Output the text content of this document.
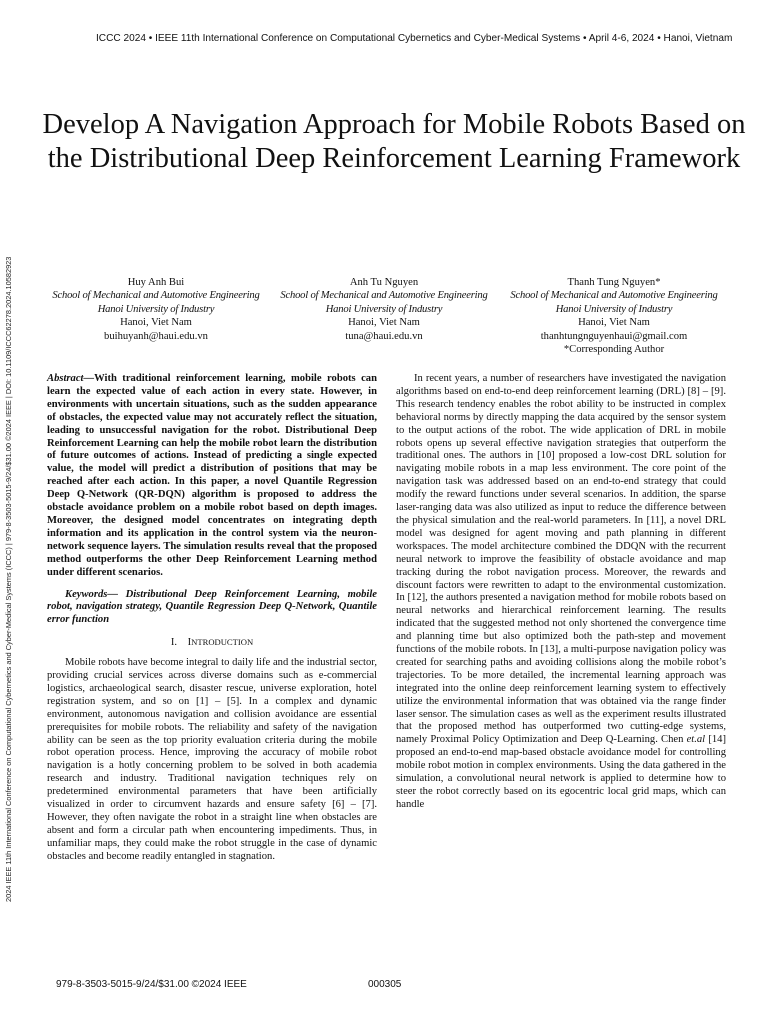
ICCC 2024 • IEEE 11th International Conference on Computational Cybernetics and Cyber-Medical Systems • April 4-6, 2024 • Hanoi, Vietnam
2024 IEEE 11th International Conference on Computational Cybernetics and Cyber-Medical Systems (ICCC) | 979-8-3503-5015-9/24/$31.00 ©2024 IEEE | DOI: 10.1109/ICCC62278.2024.10582923
Develop A Navigation Approach for Mobile Robots Based on the Distributional Deep Reinforcement Learning Framework
Huy Anh Bui
School of Mechanical and Automotive Engineering
Hanoi University of Industry
Hanoi, Viet Nam
buihuyanh@haui.edu.vn
Anh Tu Nguyen
School of Mechanical and Automotive Engineering
Hanoi University of Industry
Hanoi, Viet Nam
tuna@haui.edu.vn
Thanh Tung Nguyen*
School of Mechanical and Automotive Engineering
Hanoi University of Industry
Hanoi, Viet Nam
thanhtungnguyenhaui@gmail.com
*Corresponding Author

Abstract—With traditional reinforcement learning, mobile robots can learn the expected value of each action in every state. However, in environments with uncertain situations, such as the sudden appearance of obstacles, the expected value may not accurately reflect the situation, leading to unsuccessful navigation for the robot. Distributional Deep Reinforcement Learning can help the mobile robot learn the distribution of future outcomes of actions. Instead of predicting a single expected value, the model will predict a distribution of positions that may be reached after each action. In this paper, a novel Quantile Regression Deep Q-Network (QR-DQN) algorithm is proposed to address the obstacle avoidance problem on a mobile robot based on depth images. Moreover, the designed model concentrates on integrating depth information and its application in the control system via the neuron-network sequence layers. The simulation results reveal that the proposed method outperforms the other Deep Reinforcement Learning method under different scenarios.

Keywords— Distributional Deep Reinforcement Learning, mobile robot, navigation strategy, Quantile Regression Deep Q-Network, Quantile error function

I. INTRODUCTION

Mobile robots have become integral to daily life and the industrial sector, providing crucial services across diverse domains such as e-commercial logistics, archaeological search, disaster rescue, universe exploration, hotel registration system, and so on [1] – [5]. In a complex and dynamic environment, autonomous navigation and collision avoidance are essential prerequisites for mobile robots. The reliability and safety of the navigation ability can be seen as the top priority evaluation criteria during the mobile robot operation process. Hence, improving the accuracy of mobile robot navigation is a hotly concerning problem to be solved in both academia research and industry. Traditional navigation techniques rely on predetermined environmental parameters that have been artificially visualized in order to circumvent hazards and ensure safety [6] – [7]. However, they often navigate the robot in a straight line when obstacles are absent and form a circular path when encountering impediments. Thus, in unfamiliar maps, they could make the robot struggle in the case of dynamic obstacles and become readily entangled in stagnation.

In recent years, a number of researchers have investigated the navigation algorithms based on end-to-end deep reinforcement learning (DRL) [8] – [9]. This research tendency enables the robot ability to be instructed in complex behavioral norms by directly mapping the data acquired by the sensor system to the output actions of the robot. The wide application of DRL in mobile robots opens up several effective navigation strategies that outperform the traditional ones. The authors in [10] proposed a low-cost DRL solution for navigating mobile robots in a map less environment. The core point of the navigation task was addressed based on an end-to-end strategy that could modify the reward functions under several scenarios. In addition, the sparse laser-ranging data was also utilized as input to reduce the difference between the physical simulation and the real-world parameters. In [11], a novel DRL model was designed for agent moving and path planning in different workspaces. The model architecture combined the DDQN with the recurrent neural network to improve the feasibility of obstacle avoidance and map tracking during the robot navigation process. Moreover, the rewards and discount factors were rewritten to adapt to the environmental customization. In [12], the authors presented a navigation method for mobile robots based on neural networks and hierarchical reinforcement learning. The results indicated that the suggested method not only shortened the convergence time and planning time but also optimized both the path-step and movement functions of the mobile robots. In [13], a multi-purpose navigation policy was created for searching paths and avoiding collisions along the mobile robot’s trajectories. To be more detailed, the incremental learning approach was integrated into the online deep reinforcement learning system to effectively utilize the environmental information that was obtained via the range finder laser sensor. The simulation cases as well as the experiment results illustrated that the proposed method has outperformed two cutting-edge systems, namely Proximal Policy Optimization and Deep Q-Learning. Chen et.al [14] proposed an end-to-end map-based obstacle avoidance model for controlling mobile robot motion in complex environments. Using the data gathered in the simulation, a convolutional neural network is applied to determine how to steer the robot correctly based on its egocentric local grid maps, which can handle

979-8-3503-5015-9/24/$31.00 ©2024 IEEE	000305
